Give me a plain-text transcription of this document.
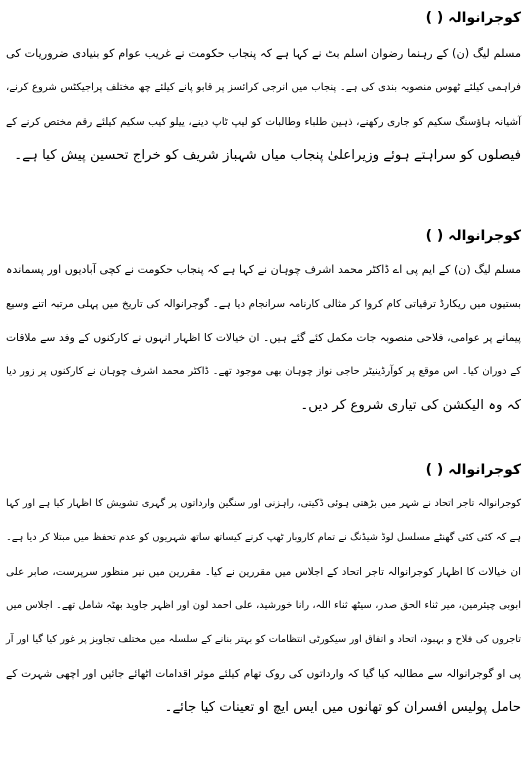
کوجرانوالہ ( )
مسلم لیگ (ن) کے رہنما رضوان اسلم بٹ نے کہا ہے کہ پنجاب حکومت نے غریب عوام کو بنیادی ضروریات کی
فراہمی کیلئے ٹھوس منصوبہ بندی کی ہے۔ پنجاب میں انرجی کرائسز پر قابو پانے کیلئے چھ مختلف پراجیکٹس شروع کرنے،
آشیانہ ہاؤسنگ سکیم کو جاری رکھنے، ذہین طلباء وطالبات کو لیپ ٹاپ دینے، ییلو کیب سکیم کیلئے رقم مختص کرنے کے
فیصلوں کو سراہتے ہوئے وزیراعلیٰ پنجاب میاں شہباز شریف کو خراج تحسین پیش کیا ہے۔
کوجرانوالہ ( )
مسلم لیگ (ن) کے ایم پی اے ڈاکٹر محمد اشرف چوہان نے کہا ہے کہ پنجاب حکومت نے کچی آبادیوں اور پسماندہ
بستیوں میں ریکارڈ ترقیاتی کام کروا کر مثالی کارنامہ سرانجام دیا ہے۔ گوجرانوالہ کی تاریخ میں پہلی مرتبہ اتنے وسیع
پیمانے پر عوامی، فلاحی منصوبہ جات مکمل کئے گئے ہیں۔ ان خیالات کا اظہار انہوں نے کارکنوں کے وفد سے ملاقات
کے دوران کیا۔ اس موقع پر کوآرڈینیٹر حاجی نواز چوہان بھی موجود تھے۔ ڈاکٹر محمد اشرف چوہان نے کارکنوں پر زور دیا
کہ وہ الیکشن کی تیاری شروع کر دیں۔
کوجرانوالہ ( )
کوجرانوالہ تاجر اتحاد نے شہر میں بڑھتی ہوئی ڈکیتی، راہزنی اور سنگین وارداتوں پر گہری تشویش کا اظہار کیا ہے اور کہا
ہے کہ کئی کئی گھنٹے مسلسل لوڈ شیڈنگ نے تمام کاروبار ٹھپ کرنے کیساتھ ساتھ شہریوں کو عدم تحفظ میں مبتلا کر دیا ہے۔
ان خیالات کا اظہار کوجرانوالہ تاجر اتحاد کے اجلاس میں مقررین نے کیا۔ مقررین میں نیر منظور سرپرست، صابر علی
ابوبی چیئرمین، میر ثناء الحق صدر، سیٹھ ثناء اللہ، رانا خورشید، علی احمد لون اور اظہر جاوید بھٹہ شامل تھے۔ اجلاس میں
تاجروں کی فلاح و بہبود، اتحاد و اتفاق اور سیکورٹی انتظامات کو بہتر بنانے کے سلسلہ میں مختلف تجاویز پر غور کیا گیا اور آر
پی او گوجرانوالہ سے مطالبہ کیا گیا کہ وارداتوں کی روک تھام کیلئے موثر اقدامات اٹھائے جائیں اور اچھی شہرت کے
حامل پولیس افسران کو تھانوں میں ایس ایچ او تعینات کیا جائے۔
